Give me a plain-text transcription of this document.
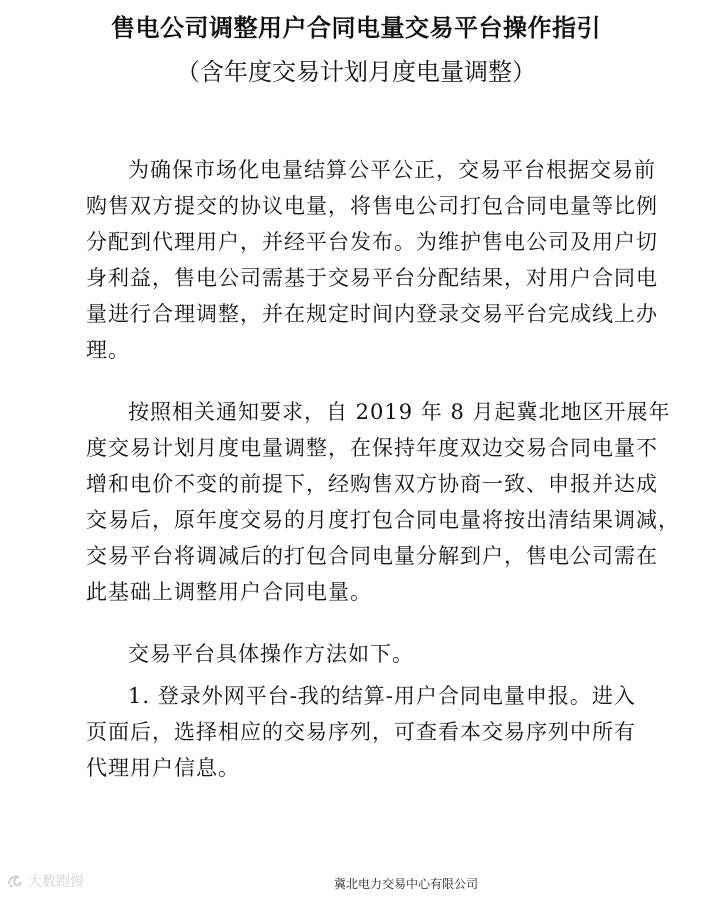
售电公司调整用户合同电量交易平台操作指引

（含年度交易计划月度电量调整）

为确保市场化电量结算公平公正，交易平台根据交易前
购售双方提交的协议电量，将售电公司打包合同电量等比例
分配到代理用户，并经平台发布。为维护售电公司及用户切
身利益，售电公司需基于交易平台分配结果，对用户合同电
量进行合理调整，并在规定时间内登录交易平台完成线上办
理。
按照相关通知要求，自 2019 年 8 月起冀北地区开展年
度交易计划月度电量调整，在保持年度双边交易合同电量不
增和电价不变的前提下，经购售双方协商一致、申报并达成
交易后，原年度交易的月度打包合同电量将按出清结果调减，
交易平台将调减后的打包合同电量分解到户，售电公司需在
此基础上调整用户合同电量。
交易平台具体操作方法如下。
1. 登录外网平台-我的结算-用户合同电量申报。进入
页面后，选择相应的交易序列，可查看本交易序列中所有
代理用户信息。
大数跑慢	冀北电力交易中心有限公司
